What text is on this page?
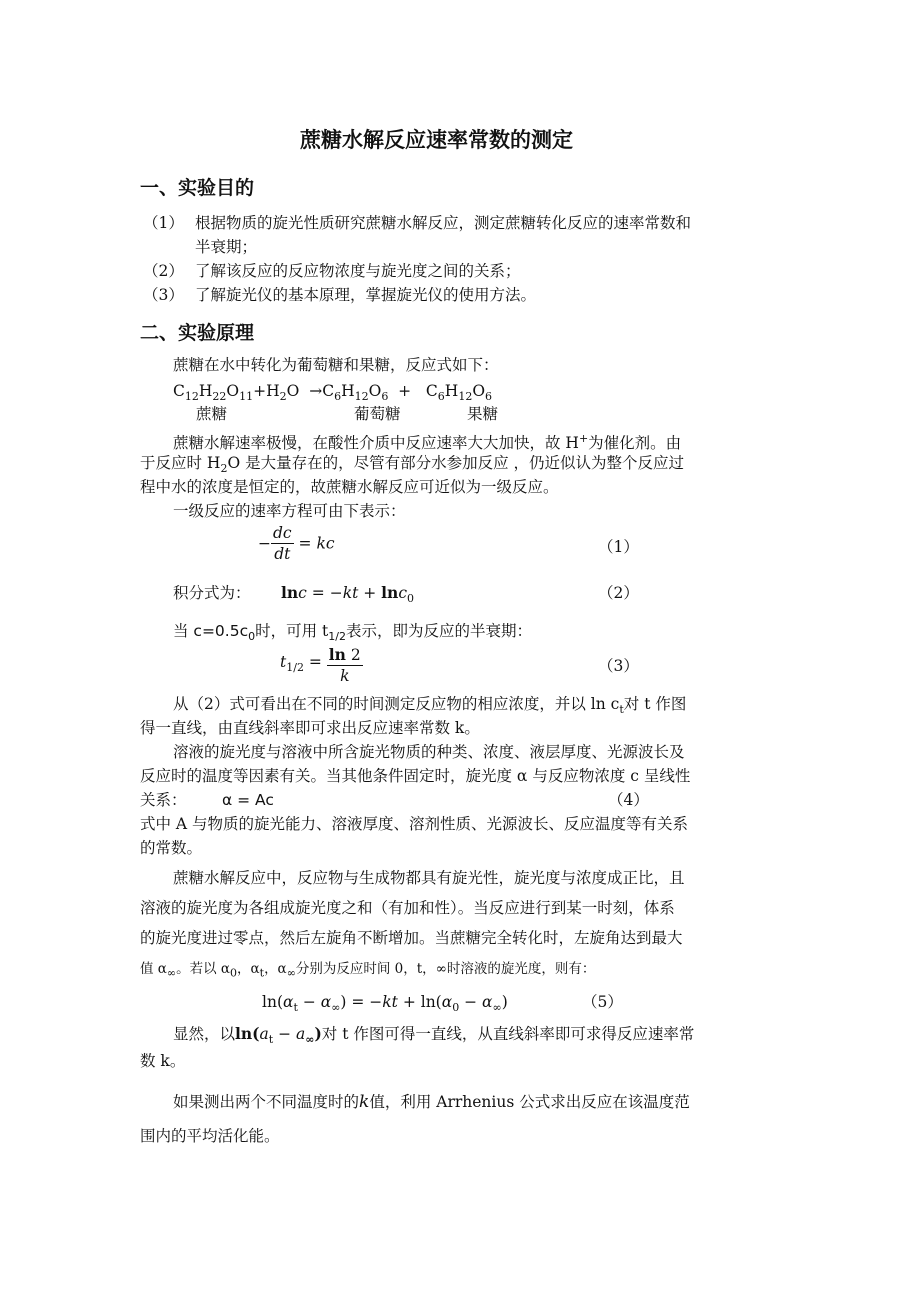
蔗糖水解反应速率常数的测定
一、实验目的
（1） 根据物质的旋光性质研究蔗糖水解反应，测定蔗糖转化反应的速率常数和
半衰期；
（2） 了解该反应的反应物浓度与旋光度之间的关系；
（3） 了解旋光仪的基本原理，掌握旋光仪的使用方法。
二、实验原理
蔗糖在水中转化为葡萄糖和果糖，反应式如下：
$C_{12}H_{22}O_{11}+H_2O \to C_6H_{12}O_6 + C_6H_{12}O_6$
蔗糖	葡萄糖	果糖
蔗糖水解速率极慢，在酸性介质中反应速率大大加快，故 H+为催化剂。由
于反应时 $H_2O$ 是大量存在的，尽管有部分水参加反应 ，仍近似认为整个反应过
程中水的浓度是恒定的，故蔗糖水解反应可近似为一级反应。
一级反应的速率方程可由下表示：
− $\frac{dc}{dt}$ = kc	（1）
积分式为： lnc = −kt + lnc$_0$	（2）
当 $c=0.5c_0$时，可用 $t_{1/2}$表示，即为反应的半衰期：
$t_{1/2} = \frac{\ln 2}{k}$	（3）
从（2）式可看出在不同的时间测定反应物的相应浓度，并以 $\ln c_t$对 t 作图
得一直线，由直线斜率即可求出反应速率常数 k。
溶液的旋光度与溶液中所含旋光物质的种类、浓度、液层厚度、光源波长及
反应时的温度等因素有关。当其他条件固定时，旋光度 α 与反应物浓度 c 呈线性
关系： α = Ac	（4）
式中 A 与物质的旋光能力、溶液厚度、溶剂性质、光源波长、反应温度等有关系
的常数。
蔗糖水解反应中，反应物与生成物都具有旋光性，旋光度与浓度成正比，且
溶液的旋光度为各组成旋光度之和（有加和性）。当反应进行到某一时刻，体系
的旋光度进过零点，然后左旋角不断增加。当蔗糖完全转化时，左旋角达到最大
值 $\alpha_\infty$。若以 $\alpha_0$，$\alpha_t$，$\alpha_\infty$分别为反应时间 0，t，∞时溶液的旋光度，则有：
$\ln(\alpha_t - \alpha_\infty) = -kt + \ln(\alpha_0 - \alpha_\infty)$	（5）
显然，以$\ln(a_t - a_\infty)$对 t 作图可得一直线，从直线斜率即可求得反应速率常
数 k。
如果测出两个不同温度时的k值，利用 Arrhenius 公式求出反应在该温度范
围内的平均活化能。
